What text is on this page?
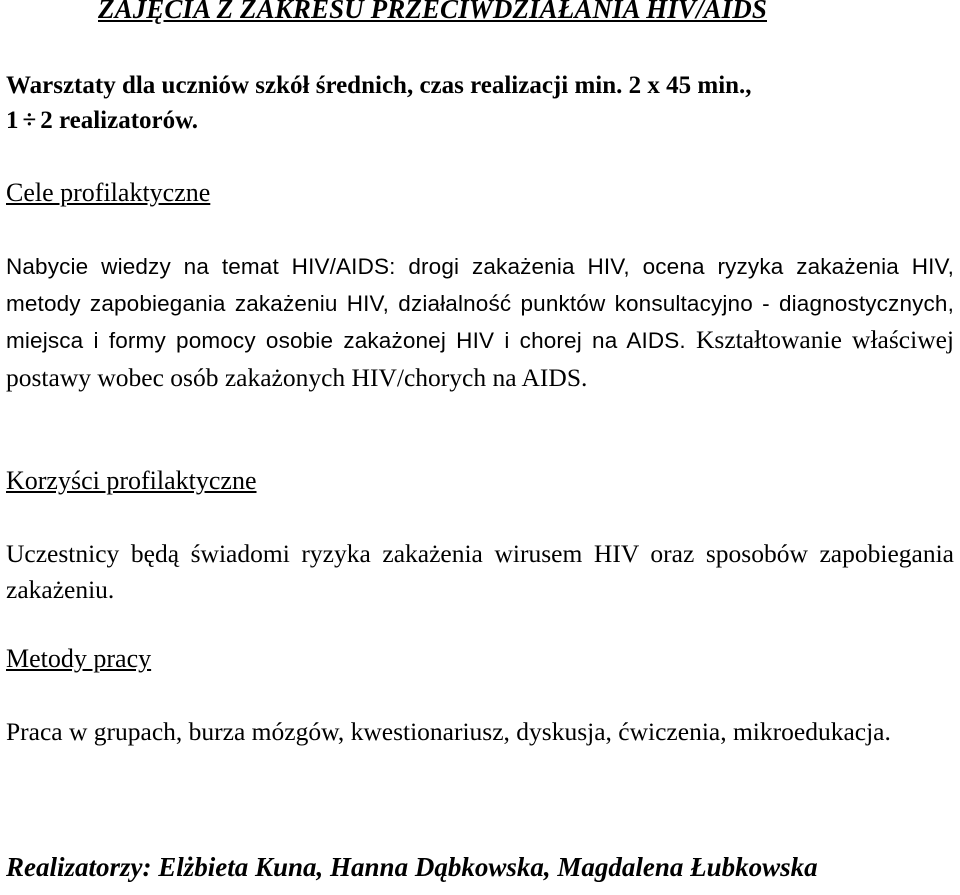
ZAJĘCIA Z ZAKRESU PRZECIWDZIAŁANIA HIV/AIDS

Warsztaty dla uczniów szkół średnich, czas realizacji min. 2 x 45 min.,
1 ÷ 2 realizatorów.

Cele profilaktyczne

Nabycie wiedzy na temat HIV/AIDS: drogi zakażenia HIV, ocena ryzyka zakażenia HIV, metody zapobiegania zakażeniu HIV, działalność punktów konsultacyjno - diagnostycznych, miejsca i formy pomocy osobie zakażonej HIV i chorej na AIDS. Kształtowanie właściwej postawy wobec osób zakażonych HIV/chorych na AIDS.

Korzyści profilaktyczne

Uczestnicy będą świadomi ryzyka zakażenia wirusem HIV oraz sposobów zapobiegania zakażeniu.

Metody pracy

Praca w grupach, burza mózgów, kwestionariusz, dyskusja, ćwiczenia, mikroedukacja.

Realizatorzy: Elżbieta Kuna, Hanna Dąbkowska, Magdalena Łubkowska
